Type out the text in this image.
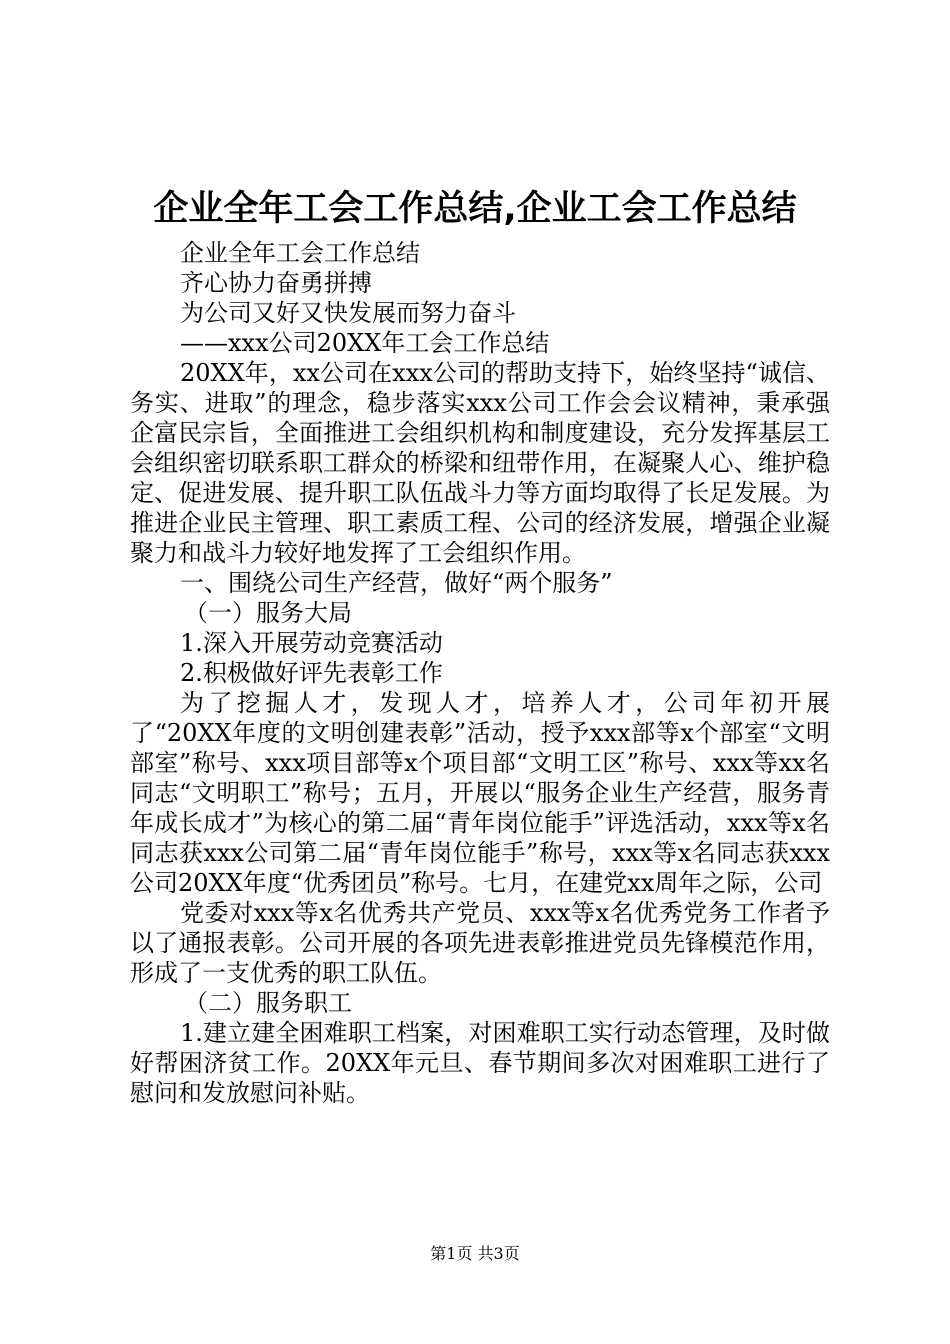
企业全年工会工作总结,企业工会工作总结
企业全年工会工作总结
齐心协力奋勇拼搏
为公司又好又快发展而努力奋斗
——xxx公司20XX年工会工作总结
20XX年，xx公司在xxx公司的帮助支持下，始终坚持“诚信、务实、进取”的理念，稳步落实xxx公司工作会会议精神，秉承强企富民宗旨，全面推进工会组织机构和制度建设，充分发挥基层工会组织密切联系职工群众的桥梁和纽带作用，在凝聚人心、维护稳定、促进发展、提升职工队伍战斗力等方面均取得了长足发展。为推进企业民主管理、职工素质工程、公司的经济发展，增强企业凝聚力和战斗力较好地发挥了工会组织作用。
一、围绕公司生产经营，做好“两个服务”
（一）服务大局
1.深入开展劳动竞赛活动
2.积极做好评先表彰工作
为了挖掘人才，发现人才，培养人才，公司年初开展了“20XX年度的文明创建表彰”活动，授予xxx部等x个部室“文明部室”称号、xxx项目部等x个项目部“文明工区”称号、xxx等xx名同志“文明职工”称号；五月，开展以“服务企业生产经营，服务青年成长成才”为核心的第二届“青年岗位能手”评选活动，xxx等x名同志获xxx公司第二届“青年岗位能手”称号，xxx等x名同志获xxx公司20XX年度“优秀团员”称号。七月，在建党xx周年之际，公司
党委对xxx等x名优秀共产党员、xxx等x名优秀党务工作者予以了通报表彰。公司开展的各项先进表彰推进党员先锋模范作用，形成了一支优秀的职工队伍。
（二）服务职工
1.建立建全困难职工档案，对困难职工实行动态管理，及时做好帮困济贫工作。20XX年元旦、春节期间多次对困难职工进行了慰问和发放慰问补贴。
第1页 共3页
